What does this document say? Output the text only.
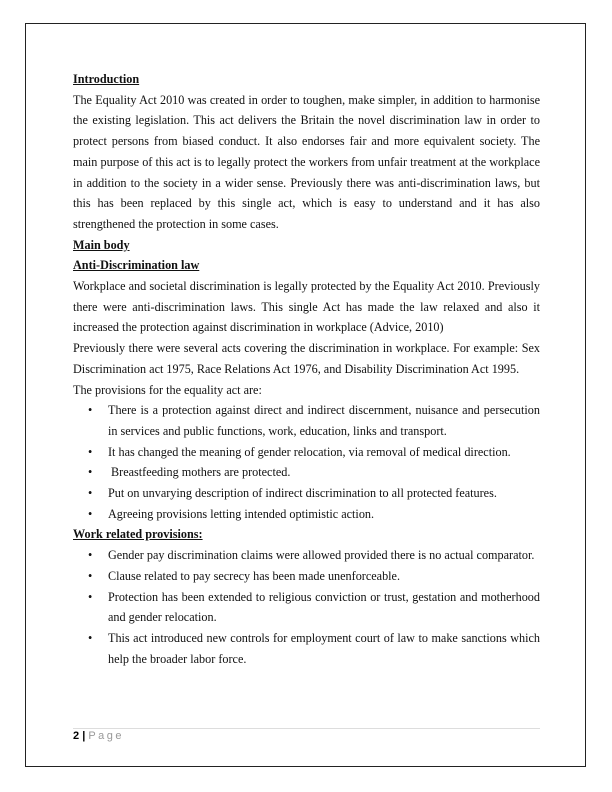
Introduction

The Equality Act 2010 was created in order to toughen, make simpler, in addition to harmonise the existing legislation. This act delivers the Britain the novel discrimination law in order to protect persons from biased conduct. It also endorses fair and more equivalent society. The main purpose of this act is to legally protect the workers from unfair treatment at the workplace in addition to the society in a wider sense. Previously there was anti-discrimination laws, but this has been replaced by this single act, which is easy to understand and it has also strengthened the protection in some cases.

Main body
Anti-Discrimination law

Workplace and societal discrimination is legally protected by the Equality Act 2010. Previously there were anti-discrimination laws. This single Act has made the law relaxed and also it increased the protection against discrimination in workplace (Advice, 2010)

Previously there were several acts covering the discrimination in workplace. For example: Sex Discrimination act 1975, Race Relations Act 1976, and Disability Discrimination Act 1995.

The provisions for the equality act are:

• There is a protection against direct and indirect discernment, nuisance and persecution in services and public functions, work, education, links and transport.
• It has changed the meaning of gender relocation, via removal of medical direction.
• Breastfeeding mothers are protected.
• Put on unvarying description of indirect discrimination to all protected features.
• Agreeing provisions letting intended optimistic action.
Work related provisions:
• Gender pay discrimination claims were allowed provided there is no actual comparator.
• Clause related to pay secrecy has been made unenforceable.
• Protection has been extended to religious conviction or trust, gestation and motherhood and gender relocation.
• This act introduced new controls for employment court of law to make sanctions which help the broader labor force.
2 | Page
